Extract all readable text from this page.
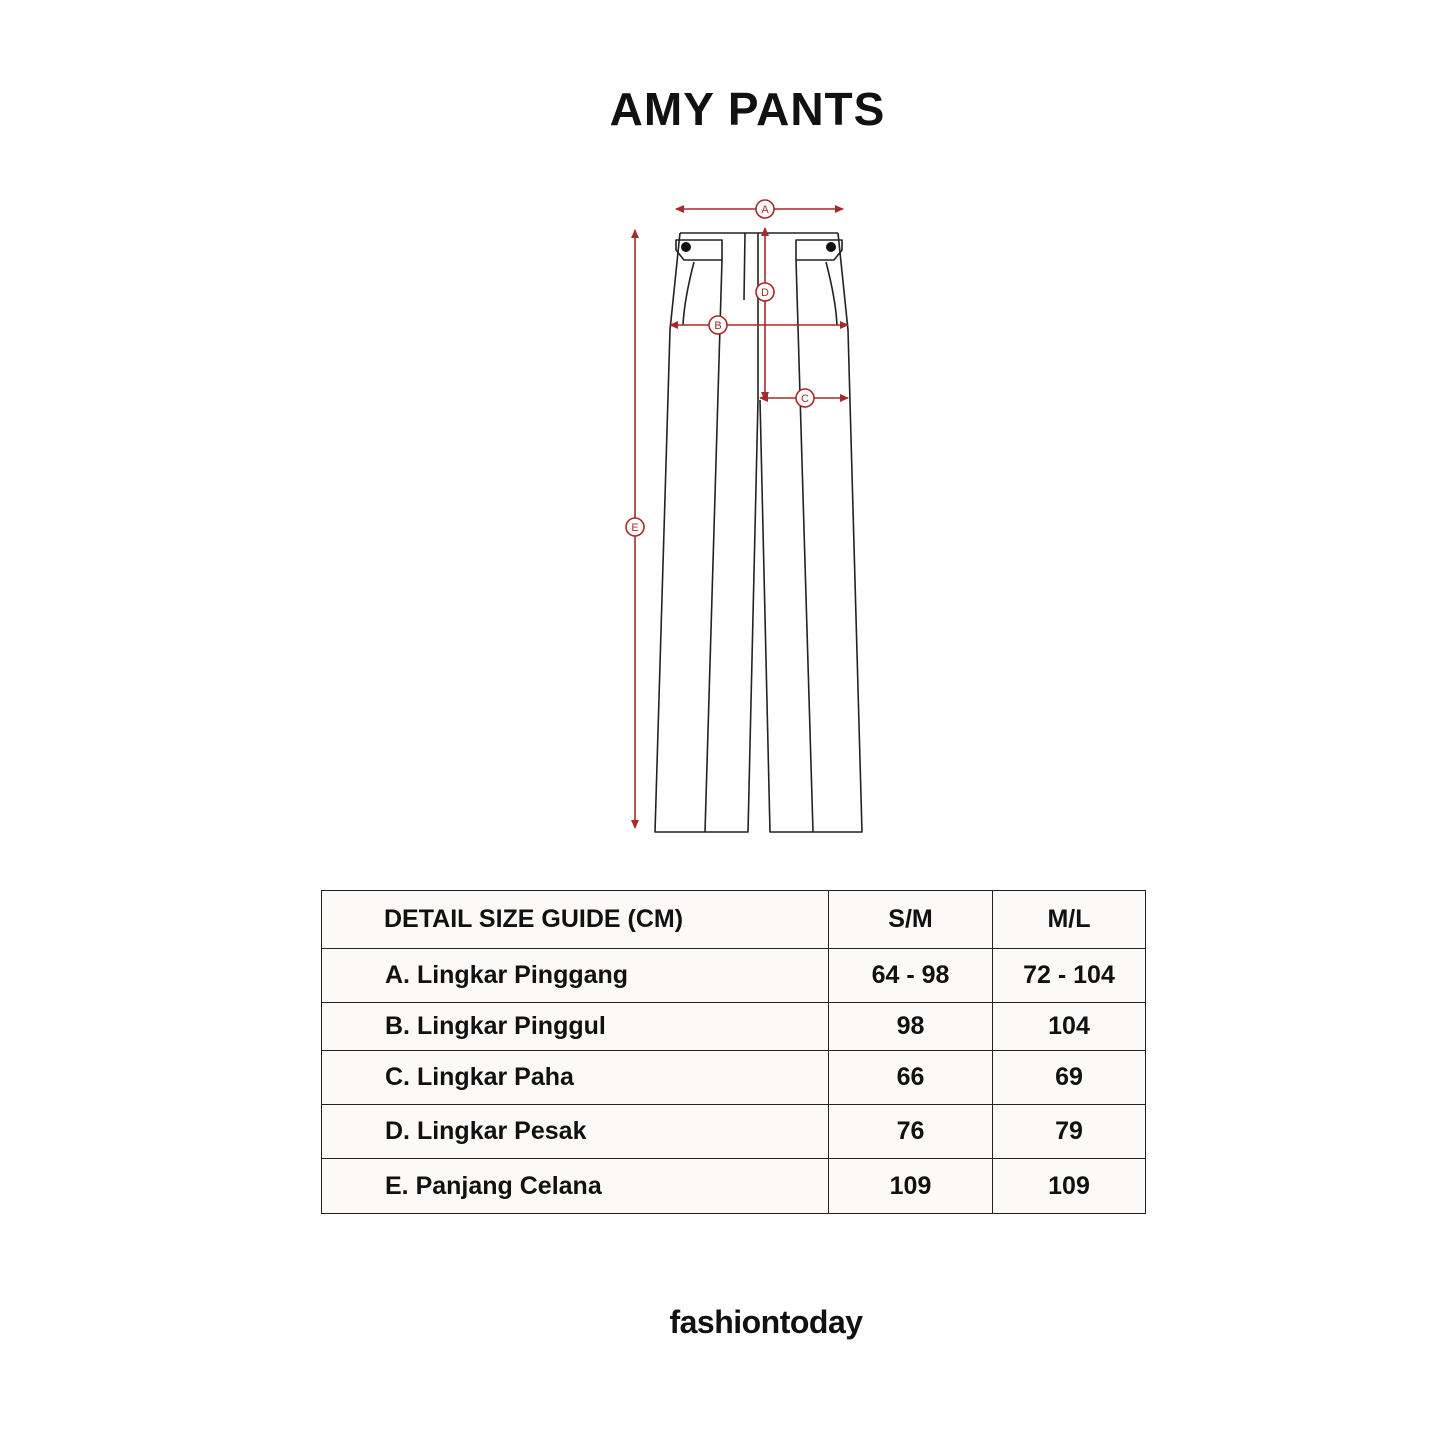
AMY PANTS
A
B
C
D
E
DETAIL SIZE GUIDE (CM)	S/M	M/L
A. Lingkar Pinggang	64 - 98	72 - 104
B. Lingkar Pinggul	98	104
C. Lingkar Paha	66	69
D. Lingkar Pesak	76	79
E. Panjang Celana	109	109
fashiontoday
